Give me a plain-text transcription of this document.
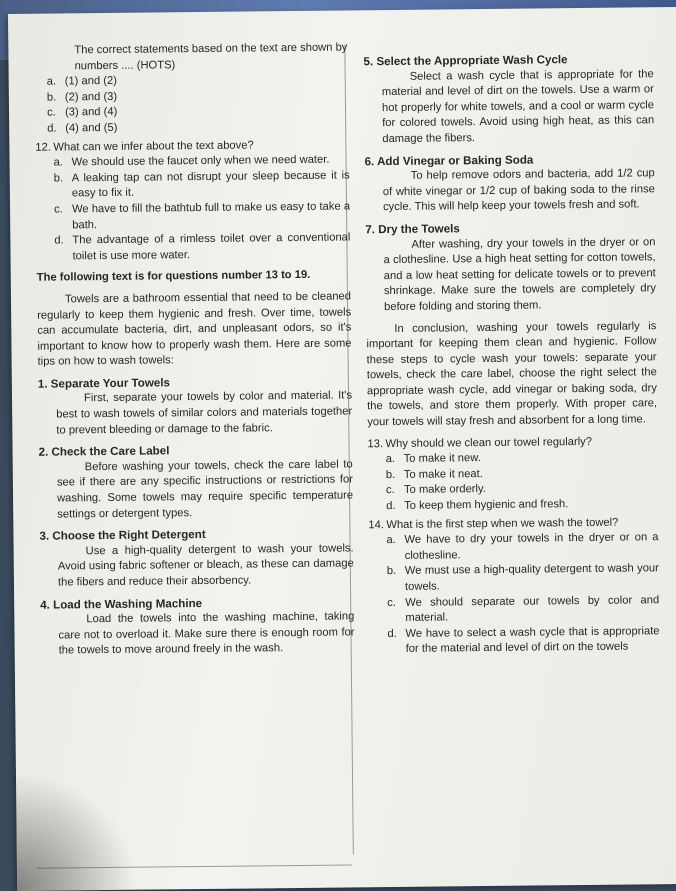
The correct statements based on the text are shown by numbers .... (HOTS)

a. (1) and (2)
b. (2) and (3)
c. (3) and (4)
d. (4) and (5)
12. What can we infer about the text above?
a. We should use the faucet only when we need water.
b. A leaking tap can not disrupt your sleep because it is easy to fix it.
c. We have to fill the bathtub full to make us easy to take a bath.
d. The advantage of a rimless toilet over a conventional toilet is use more water.

The following text is for questions number 13 to 19.

Towels are a bathroom essential that need to be cleaned regularly to keep them hygienic and fresh. Over time, towels can accumulate bacteria, dirt, and unpleasant odors, so it's important to know how to properly wash them. Here are some tips on how to wash towels:

1. Separate Your Towels

First, separate your towels by color and material. It's best to wash towels of similar colors and materials together to prevent bleeding or damage to the fabric.

2. Check the Care Label

Before washing your towels, check the care label to see if there are any specific instructions or restrictions for washing. Some towels may require specific temperature settings or detergent types.

3. Choose the Right Detergent

Use a high-quality detergent to wash your towels. Avoid using fabric softener or bleach, as these can damage the fibers and reduce their absorbency.

4. Load the Washing Machine

Load the towels into the washing machine, taking care not to overload it. Make sure there is enough room for the towels to move around freely in the wash.

5. Select the Appropriate Wash Cycle

Select a wash cycle that is appropriate for the material and level of dirt on the towels. Use a warm or hot properly for white towels, and a cool or warm cycle for colored towels. Avoid using high heat, as this can damage the fibers.

6. Add Vinegar or Baking Soda

To help remove odors and bacteria, add 1/2 cup of white vinegar or 1/2 cup of baking soda to the rinse cycle. This will help keep your towels fresh and soft.

7. Dry the Towels

After washing, dry your towels in the dryer or on a clothesline. Use a high heat setting for cotton towels, and a low heat setting for delicate towels or to prevent shrinkage. Make sure the towels are completely dry before folding and storing them.

In conclusion, washing your towels regularly is important for keeping them clean and hygienic. Follow these steps to cycle wash your towels: separate your towels, check the care label, choose the right select the appropriate wash cycle, add vinegar or baking soda, dry the towels, and store them properly. With proper care, your towels will stay fresh and absorbent for a long time.

13. Why should we clean our towel regularly?
a. To make it new.
b. To make it neat.
c. To make orderly.
d. To keep them hygienic and fresh.
14. What is the first step when we wash the towel?
a. We have to dry your towels in the dryer or on a clothesline.
b. We must use a high-quality detergent to wash your towels.
c. We should separate our towels by color and material.
d. We have to select a wash cycle that is appropriate for the material and level of dirt on the towels
